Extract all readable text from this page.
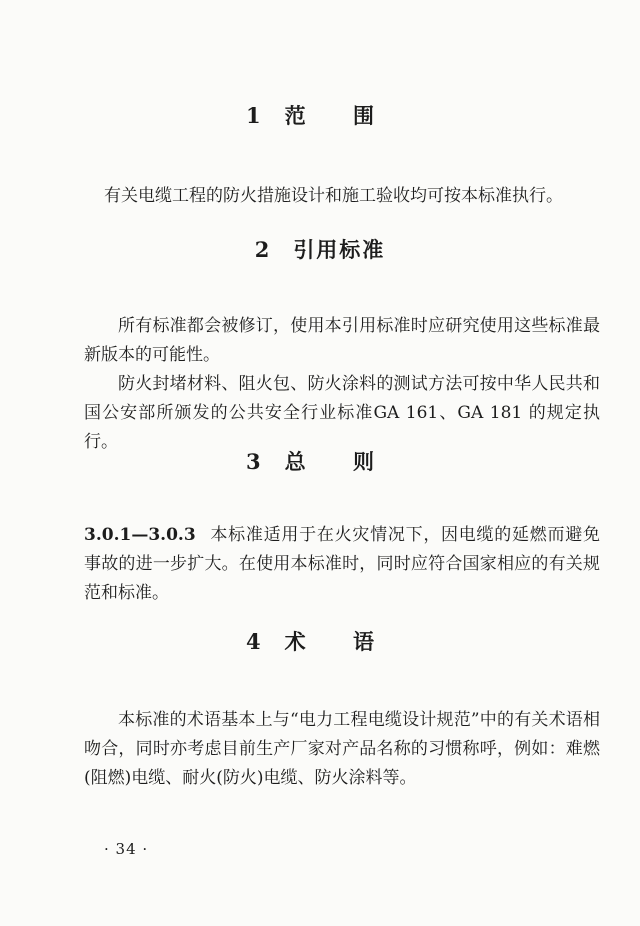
1 范 围
有关电缆工程的防火措施设计和施工验收均可按本标准执行。
2 引用标准
所有标准都会被修订，使用本引用标准时应研究使用这些标准最新版本的可能性。
防火封堵材料、阻火包、防火涂料的测试方法可按中华人民共和国公安部所颁发的公共安全行业标准GA 161、GA 181 的规定执行。
3 总 则
3.0.1—3.0.3 本标准适用于在火灾情况下，因电缆的延燃而避免事故的进一步扩大。在使用本标准时，同时应符合国家相应的有关规范和标准。
4 术 语
本标准的术语基本上与“电力工程电缆设计规范”中的有关术语相吻合，同时亦考虑目前生产厂家对产品名称的习惯称呼，例如：难燃(阻燃)电缆、耐火(防火)电缆、防火涂料等。
· 34 ·
